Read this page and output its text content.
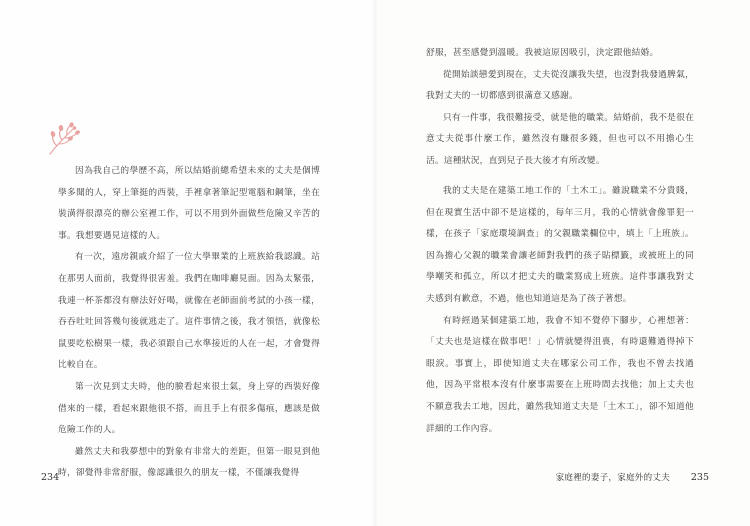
因為我自己的學歷不高，所以結婚前總希望未來的丈夫是個博學多聞的人，穿上筆挺的西裝，手裡拿著筆記型電腦和鋼筆，坐在裝潢得很漂亮的辦公室裡工作，可以不用到外面做些危險又辛苦的事。我想要遇見這樣的人。

有一次，遠房親戚介紹了一位大學畢業的上班族給我認識。站在那男人面前，我覺得很害羞。我們在咖啡廳見面。因為太緊張，我連一杯茶都沒有辦法好好喝，就像在老師面前考試的小孩一樣，吞吞吐吐回答幾句後就逃走了。這件事情之後，我才領悟，就像松鼠要吃松樹果一樣，我必須跟自己水準接近的人在一起，才會覺得比較自在。

第一次見到丈夫時，他的臉看起來很土氣，身上穿的西裝好像借來的一樣，看起來跟他很不搭，而且手上有很多傷痕，應該是做危險工作的人。

雖然丈夫和我夢想中的對象有非常大的差距，但第一眼見到他時，卻覺得非常舒服，像認識很久的朋友一樣，不僅讓我覺得

234

舒服，甚至感覺到溫暖。我被這原因吸引，決定跟他結婚。

從開始談戀愛到現在，丈夫從沒讓我失望，也沒對我發過脾氣，我對丈夫的一切都感到很滿意又感謝。

只有一件事，我很難接受，就是他的職業。結婚前，我不是很在意丈夫從事什麼工作，雖然沒有賺很多錢，但也可以不用擔心生活。這種狀況，直到兒子長大後才有所改變。

我的丈夫是在建築工地工作的「土木工」。雖說職業不分貴賤，但在現實生活中卻不是這樣的，每年三月，我的心情就會像罪犯一樣，在孩子「家庭環境調查」的父親職業欄位中，填上「上班族」。因為擔心父親的職業會讓老師對我們的孩子貼標籤，或被班上的同學嘲笑和孤立，所以才把丈夫的職業寫成上班族。這件事讓我對丈夫感到有歉意，不過，他也知道這是為了孩子著想。

有時經過某個建築工地，我會不知不覺停下腳步，心裡想著：「丈夫也是這樣在做事吧！」心情就變得沮喪，有時還難過得掉下眼淚。事實上，即使知道丈夫在哪家公司工作，我也不曾去找過他，因為平常根本沒有什麼事需要在上班時間去找他；加上丈夫也不願意我去工地，因此，雖然我知道丈夫是「土木工」，卻不知道他詳細的工作內容。

家庭裡的妻子，家庭外的丈夫 235
